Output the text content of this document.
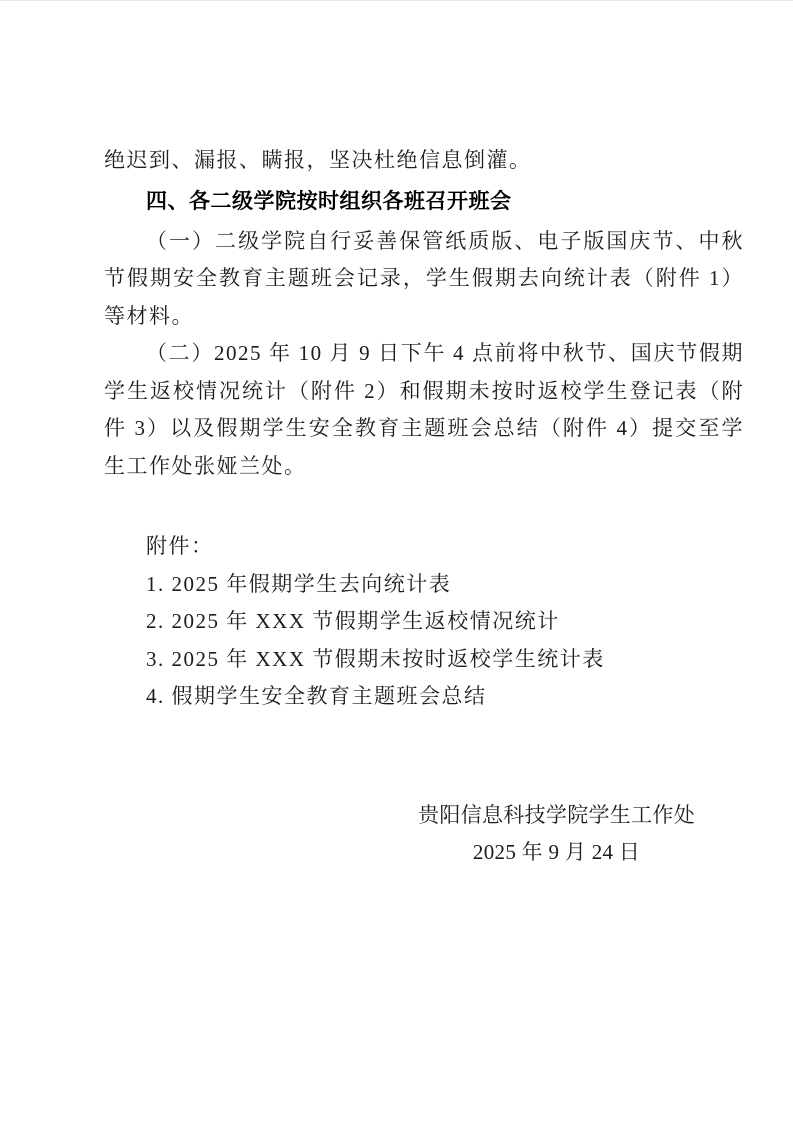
绝迟到、漏报、瞒报，坚决杜绝信息倒灌。

四、各二级学院按时组织各班召开班会

（一）二级学院自行妥善保管纸质版、电子版国庆节、中秋节假期安全教育主题班会记录，学生假期去向统计表（附件 1）等材料。

（二）2025 年 10 月 9 日下午 4 点前将中秋节、国庆节假期学生返校情况统计（附件 2）和假期未按时返校学生登记表（附件 3）以及假期学生安全教育主题班会总结（附件 4）提交至学生工作处张娅兰处。

附件：

1. 2025 年假期学生去向统计表

2. 2025 年 XXX 节假期学生返校情况统计

3. 2025 年 XXX 节假期未按时返校学生统计表

4. 假期学生安全教育主题班会总结

贵阳信息科技学院学生工作处
2025 年 9 月 24 日
